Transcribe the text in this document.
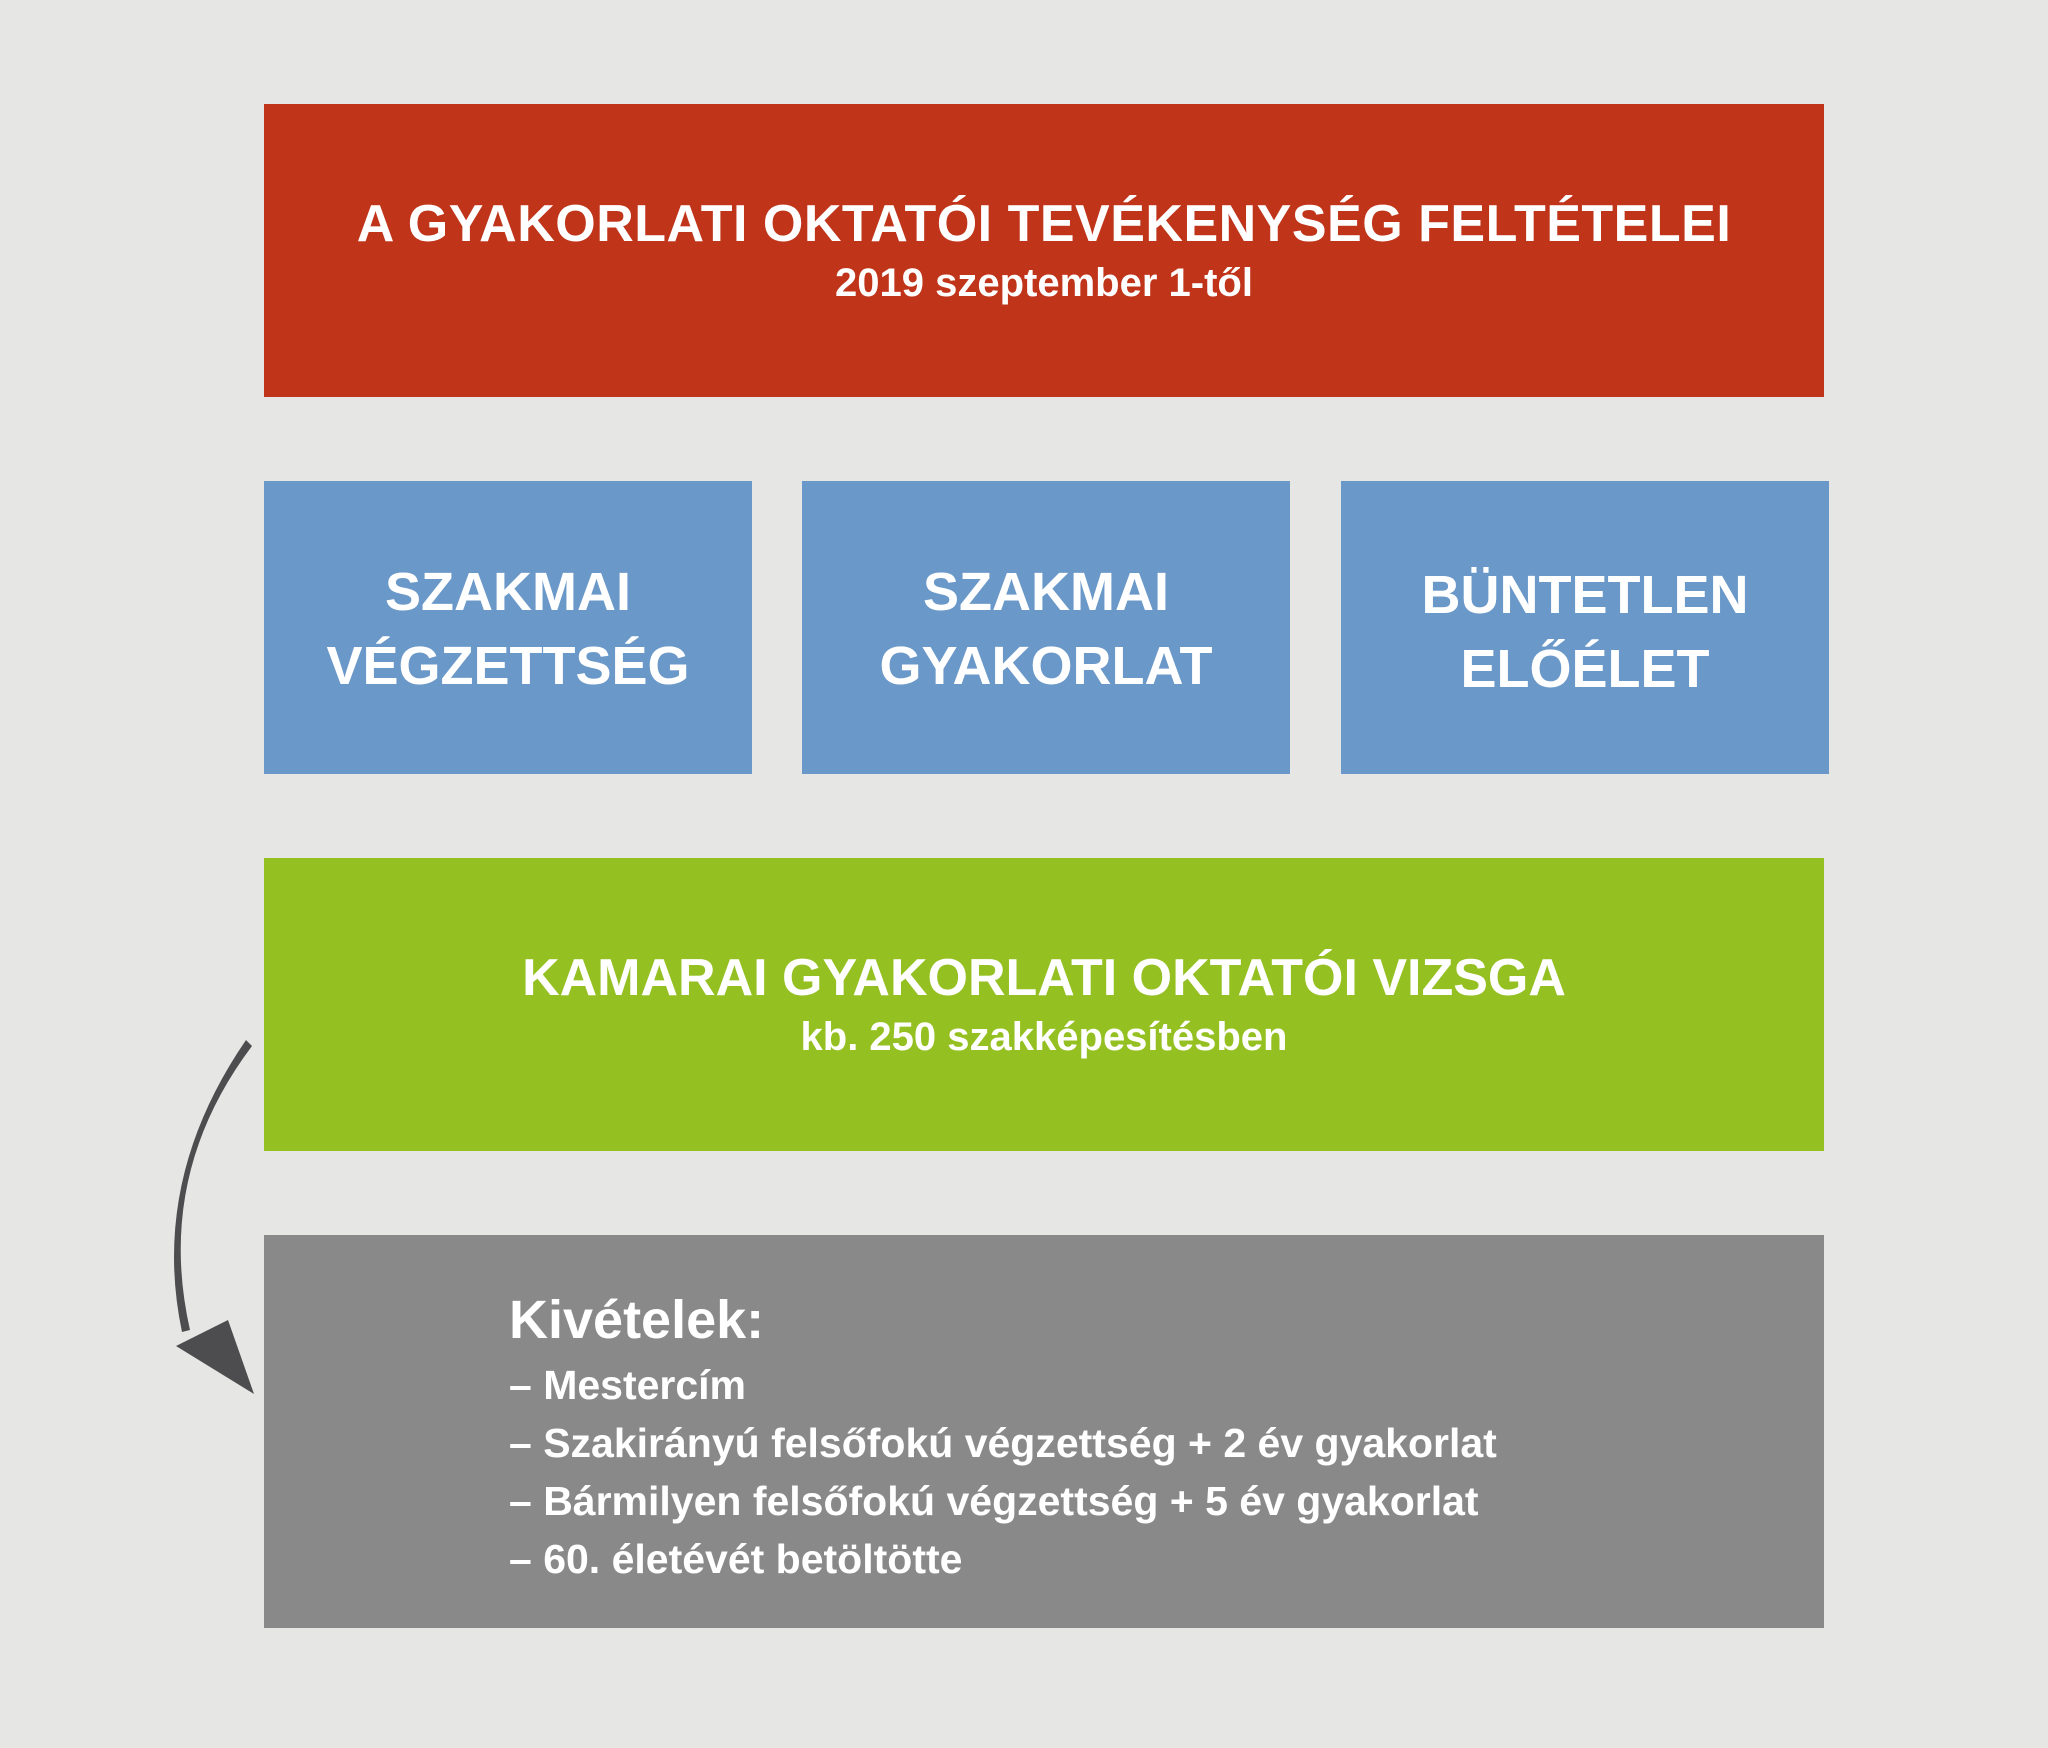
A GYAKORLATI OKTATÓI TEVÉKENYSÉG FELTÉTELEI
2019 szeptember 1-től
SZAKMAI
VÉGZETTSÉG
SZAKMAI
GYAKORLAT
BÜNTETLEN
ELŐÉLET
KAMARAI GYAKORLATI OKTATÓI VIZSGA
kb. 250 szakképesítésben
Kivételek:
– Mestercím
– Szakirányú felsőfokú végzettség + 2 év gyakorlat
– Bármilyen felsőfokú végzettség + 5 év gyakorlat
– 60. életévét betöltötte
